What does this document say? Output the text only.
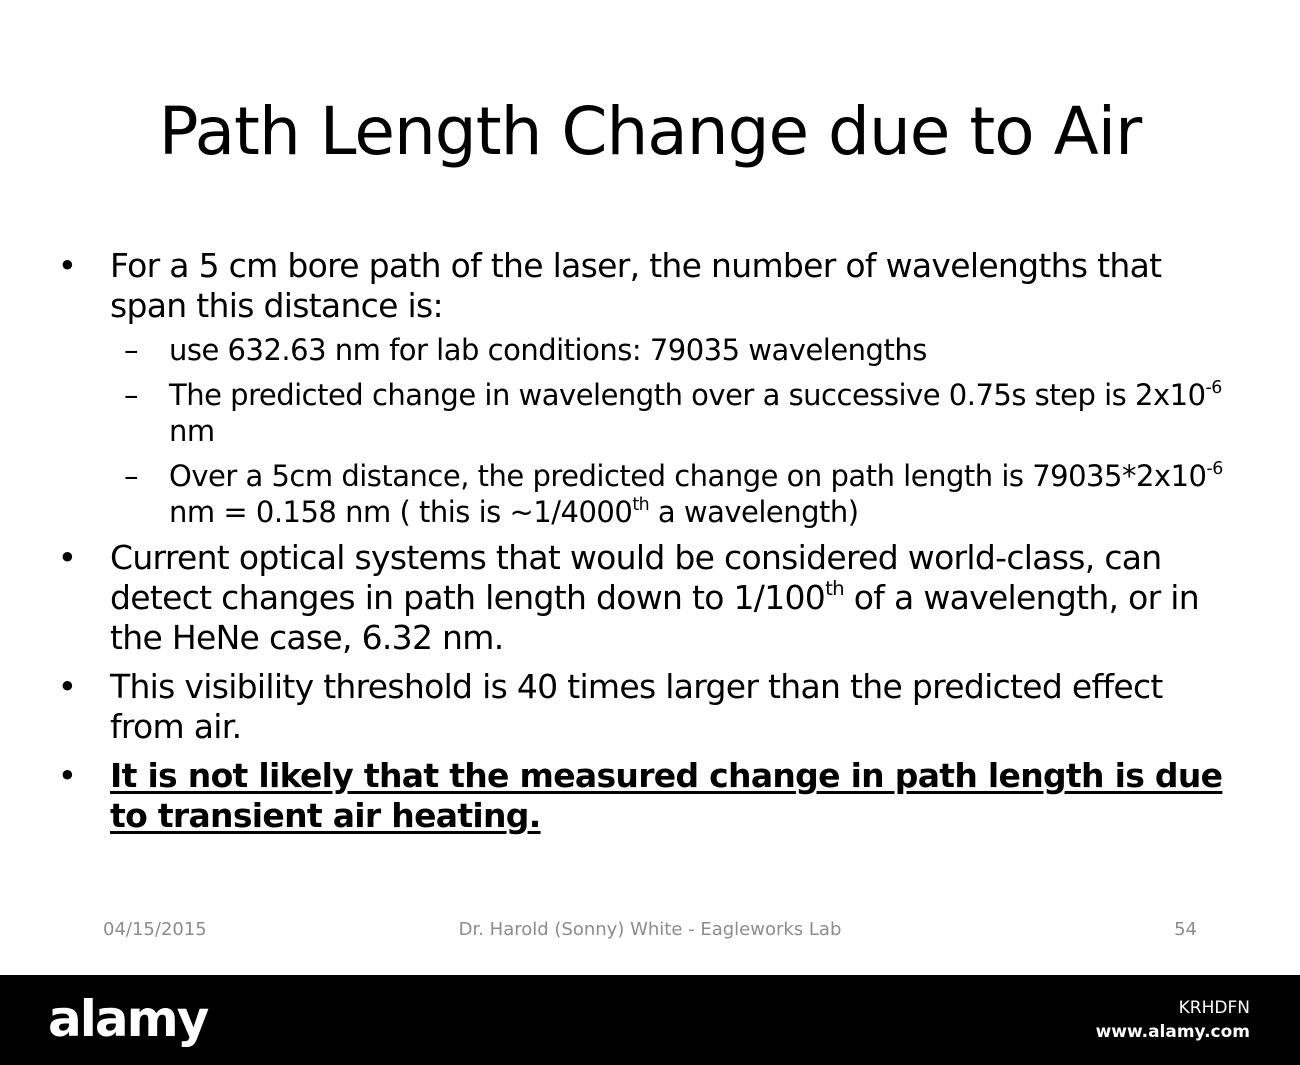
Path Length Change due to Air
• For a 5 cm bore path of the laser, the number of wavelengths that span this distance is:
– use 632.63 nm for lab conditions: 79035 wavelengths
– The predicted change in wavelength over a successive 0.75s step is $2x10^{-6}$ nm
– Over a 5cm distance, the predicted change on path length is $79035*2x10^{-6}$ nm = 0.158 nm ( this is ~1/4000th a wavelength)
• Current optical systems that would be considered world-class, can detect changes in path length down to 1/100th of a wavelength, or in the HeNe case, 6.32 nm.
• This visibility threshold is 40 times larger than the predicted effect from air.
• It is not likely that the measured change in path length is due to transient air heating.
04/15/2015	Dr. Harold (Sonny) White - Eagleworks Lab	54
alamy	KRHDFN
www.alamy.com
